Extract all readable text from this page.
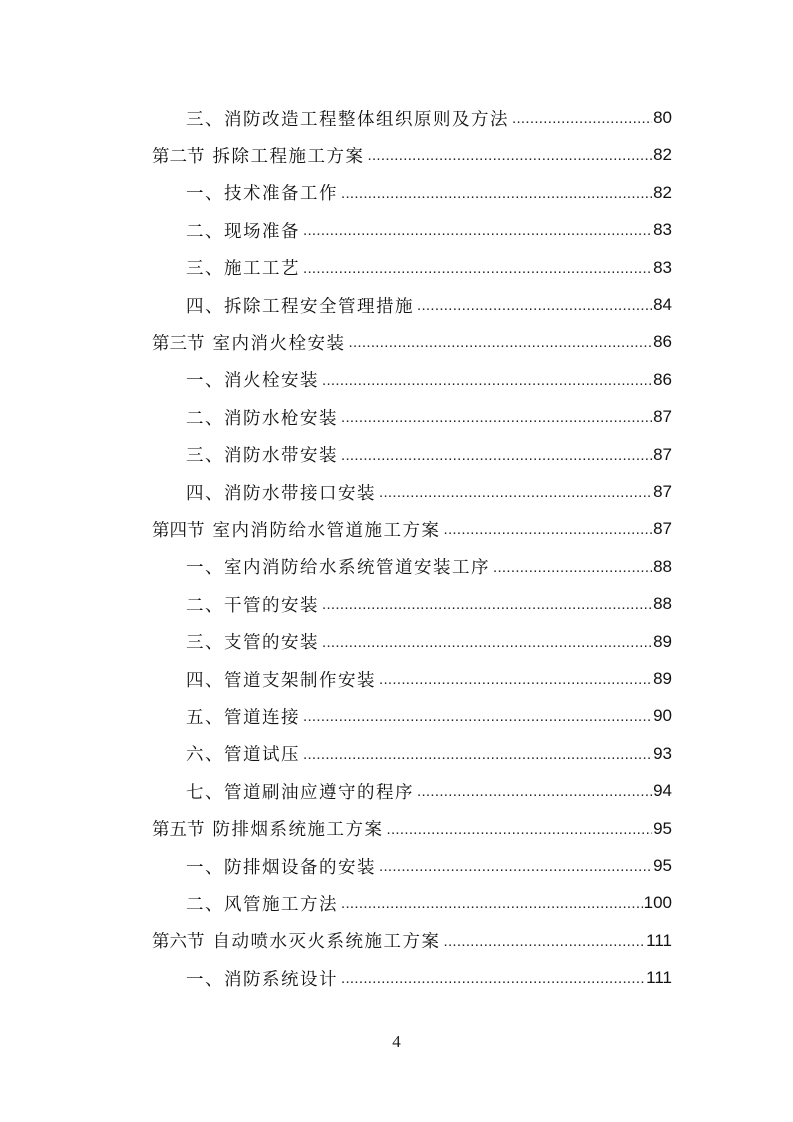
三、消防改造工程整体组织原则及方法 .....	80
第二节 拆除工程施工方案 .....	82
一、技术准备工作 .....	82
二、现场准备 .....	83
三、施工工艺 .....	83
四、拆除工程安全管理措施 .....	84
第三节 室内消火栓安装 .....	86
一、消火栓安装 .....	86
二、消防水枪安装 .....	87
三、消防水带安装 .....	87
四、消防水带接口安装 .....	87
第四节 室内消防给水管道施工方案 .....	87
一、室内消防给水系统管道安装工序 .....	88
二、干管的安装 .....	88
三、支管的安装 .....	89
四、管道支架制作安装 .....	89
五、管道连接 .....	90
六、管道试压 .....	93
七、管道刷油应遵守的程序 .....	94
第五节 防排烟系统施工方案 .....	95
一、防排烟设备的安装 .....	95
二、风管施工方法 .....	100
第六节 自动喷水灭火系统施工方案 .....	111
一、消防系统设计 .....	111
4
